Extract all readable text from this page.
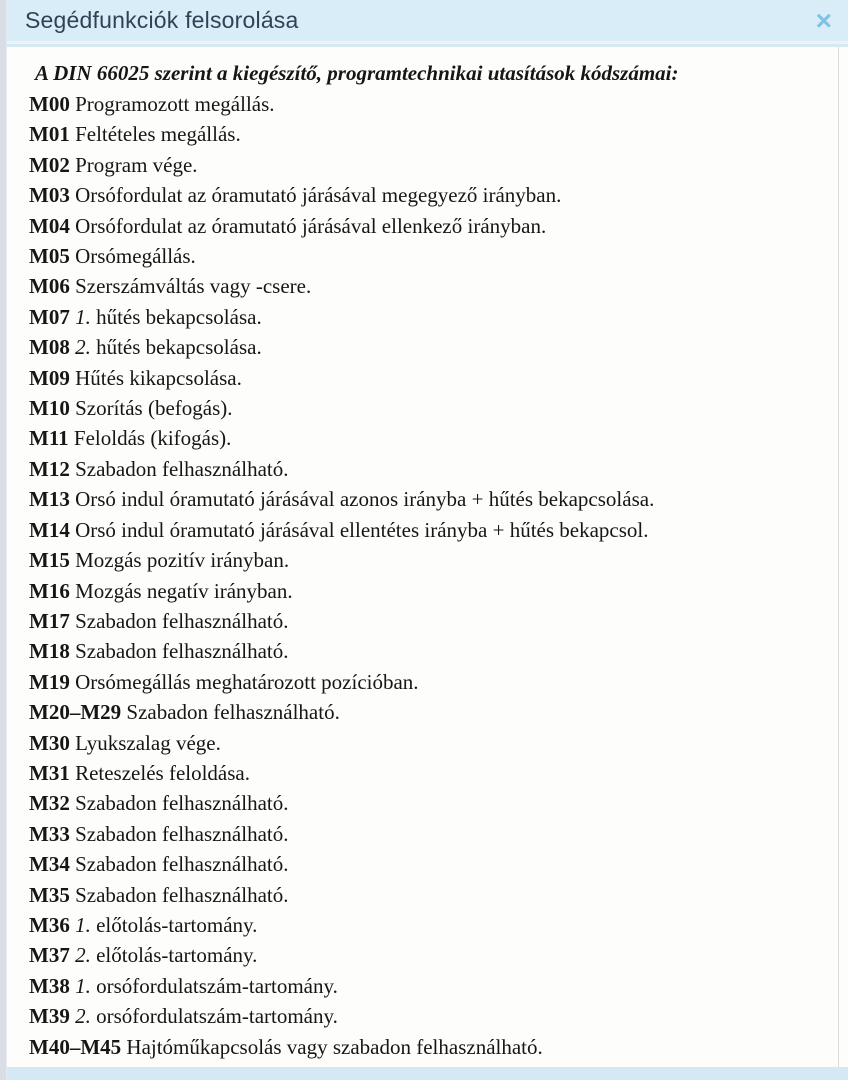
Segédfunkciók felsorolása	×

A DIN 66025 szerint a kiegészítő, programtechnikai utasítások kódszámai:

M00 Programozott megállás.
M01 Feltételes megállás.
M02 Program vége.
M03 Orsófordulat az óramutató járásával megegyező irányban.
M04 Orsófordulat az óramutató járásával ellenkező irányban.
M05 Orsómegállás.
M06 Szerszámváltás vagy -csere.
M07 1. hűtés bekapcsolása.
M08 2. hűtés bekapcsolása.
M09 Hűtés kikapcsolása.
M10 Szorítás (befogás).
M11 Feloldás (kifogás).
M12 Szabadon felhasználható.
M13 Orsó indul óramutató járásával azonos irányba + hűtés bekapcsolása.
M14 Orsó indul óramutató járásával ellentétes irányba + hűtés bekapcsol.
M15 Mozgás pozitív irányban.
M16 Mozgás negatív irányban.
M17 Szabadon felhasználható.
M18 Szabadon felhasználható.
M19 Orsómegállás meghatározott pozícióban.
M20–M29 Szabadon felhasználható.
M30 Lyukszalag vége.
M31 Reteszelés feloldása.
M32 Szabadon felhasználható.
M33 Szabadon felhasználható.
M34 Szabadon felhasználható.
M35 Szabadon felhasználható.
M36 1. előtolás-tartomány.
M37 2. előtolás-tartomány.
M38 1. orsófordulatszám-tartomány.
M39 2. orsófordulatszám-tartomány.
M40–M45 Hajtóműkapcsolás vagy szabadon felhasználható.
